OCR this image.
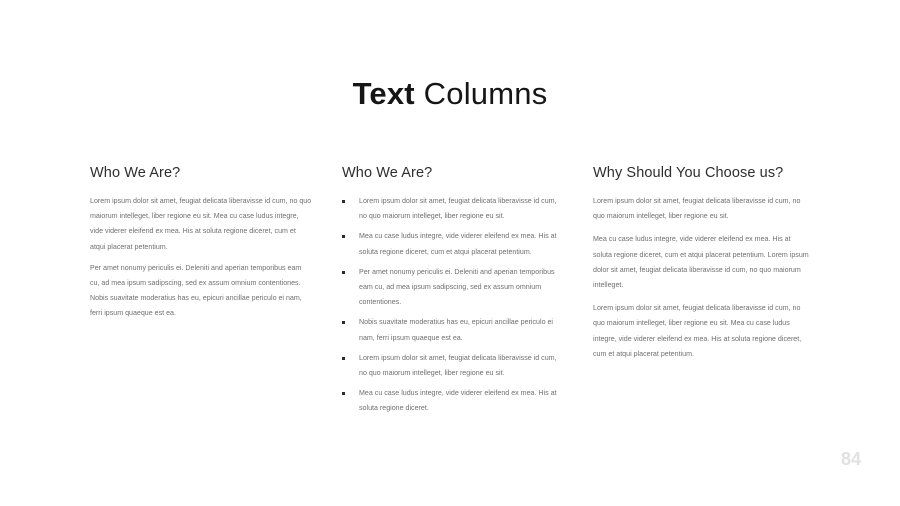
Text Columns
Who We Are?

Lorem ipsum dolor sit amet, feugiat delicata liberavisse id cum, no quo maiorum intelleget, liber regione eu sit. Mea cu case ludus integre, vide viderer eleifend ex mea. His at soluta regione diceret, cum et atqui placerat petentium.

Per amet nonumy periculis ei. Deleniti and aperian temporibus eam cu, ad mea ipsum sadipscing, sed ex assum omnium contentiones. Nobis suavitate moderatius has eu, epicuri ancillae periculo ei nam, ferri ipsum quaeque est ea.

Who We Are?
Lorem ipsum dolor sit amet, feugiat delicata liberavisse id cum, no quo maiorum intelleget, liber regione eu sit.
Mea cu case ludus integre, vide viderer eleifend ex mea. His at soluta regione diceret, cum et atqui placerat petentium.
Per amet nonumy periculis ei. Deleniti and aperian temporibus eam cu, ad mea ipsum sadipscing, sed ex assum omnium contentiones.
Nobis suavitate moderatius has eu, epicuri ancillae periculo ei nam, ferri ipsum quaeque est ea.
Lorem ipsum dolor sit amet, feugiat delicata liberavisse id cum, no quo maiorum intelleget, liber regione eu sit.
Mea cu case ludus integre, vide viderer eleifend ex mea. His at soluta regione diceret.
Why Should You Choose us?

Lorem ipsum dolor sit amet, feugiat delicata liberavisse id cum, no quo maiorum intelleget, liber regione eu sit.

Mea cu case ludus integre, vide viderer eleifend ex mea. His at soluta regione diceret, cum et atqui placerat petentium. Lorem ipsum dolor sit amet, feugiat delicata liberavisse id cum, no quo maiorum intelleget.

Lorem ipsum dolor sit amet, feugiat delicata liberavisse id cum, no quo maiorum intelleget, liber regione eu sit. Mea cu case ludus integre, vide viderer eleifend ex mea. His at soluta regione diceret, cum et atqui placerat petentium.

84
